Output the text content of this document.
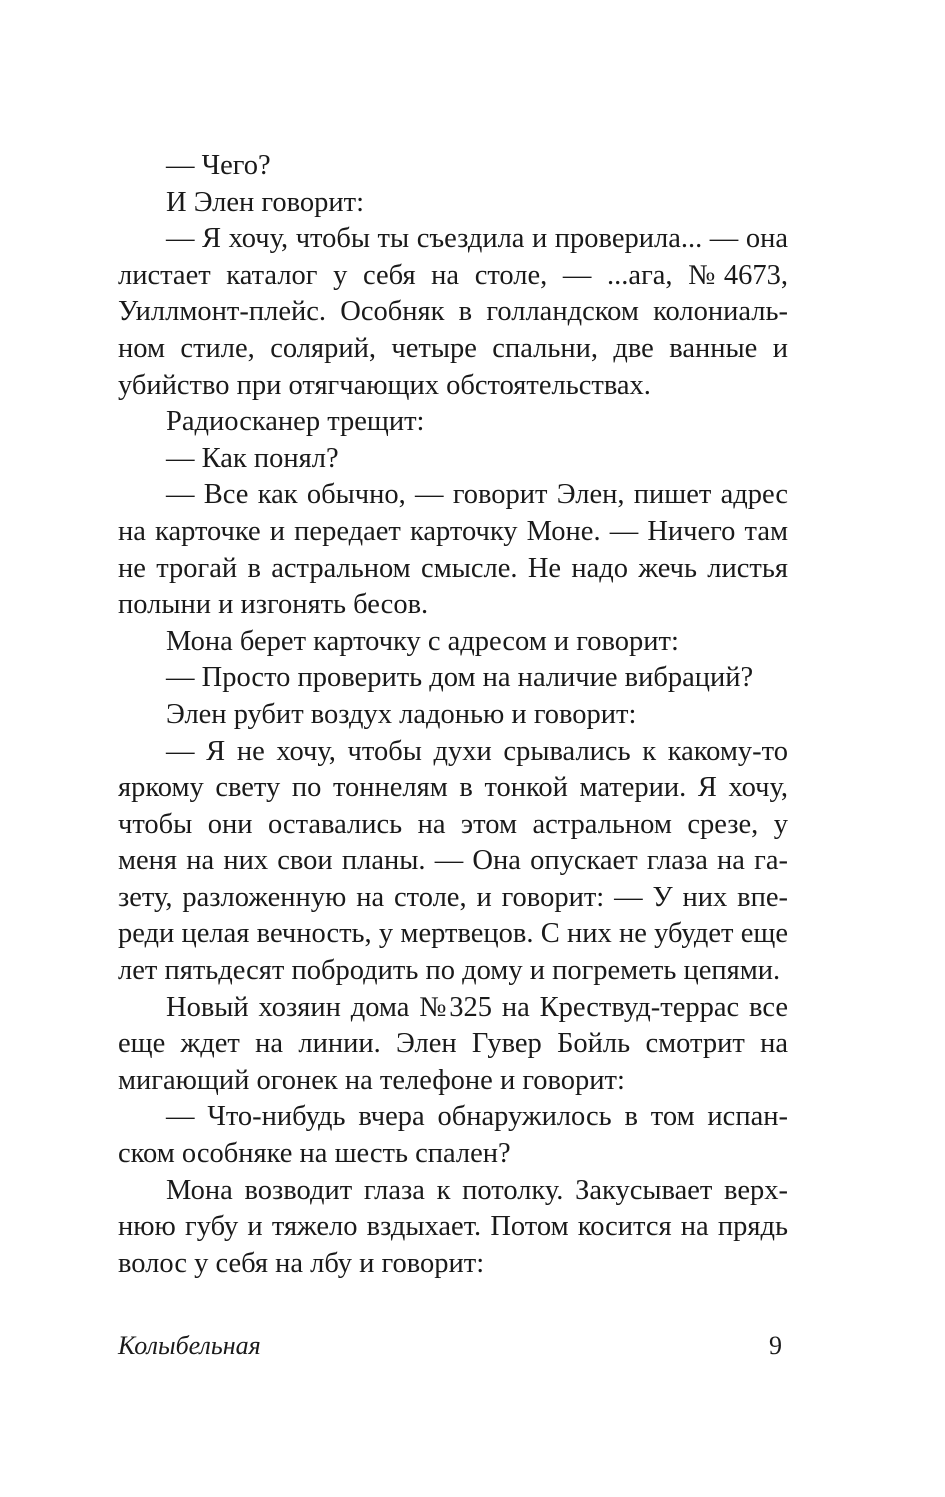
— Чего?

И Элен говорит:

— Я хочу, чтобы ты съездила и проверила... — она листает каталог у себя на столе, — ...ага, №4673, Уиллмонт-плейс. Особняк в голландском колониальном стиле, солярий, четыре спальни, две ванные и убийство при отягчающих обстоятельствах.

Радиосканер трещит:

— Как понял?

— Все как обычно, — говорит Элен, пишет адрес на карточке и передает карточку Моне. — Ничего там не трогай в астральном смысле. Не надо жечь листья полыни и изгонять бесов.

Мона берет карточку с адресом и говорит:

— Просто проверить дом на наличие вибраций?

Элен рубит воздух ладонью и говорит:

— Я не хочу, чтобы духи срывались к какому-то яркому свету по тоннелям в тонкой материи. Я хочу, чтобы они оставались на этом астральном срезе, у меня на них свои планы. — Она опускает глаза на газету, разложенную на столе, и говорит: — У них впереди целая вечность, у мертвецов. С них не убудет еще лет пятьдесят побродить по дому и погреметь цепями.

Новый хозяин дома №325 на Крествуд-террас все еще ждет на линии. Элен Гувер Бойль смотрит на мигающий огонек на телефоне и говорит:

— Что-нибудь вчера обнаружилось в том испанском особняке на шесть спален?

Мона возводит глаза к потолку. Закусывает верхнюю губу и тяжело вздыхает. Потом косится на прядь волос у себя на лбу и говорит:

Колыбельная	9
